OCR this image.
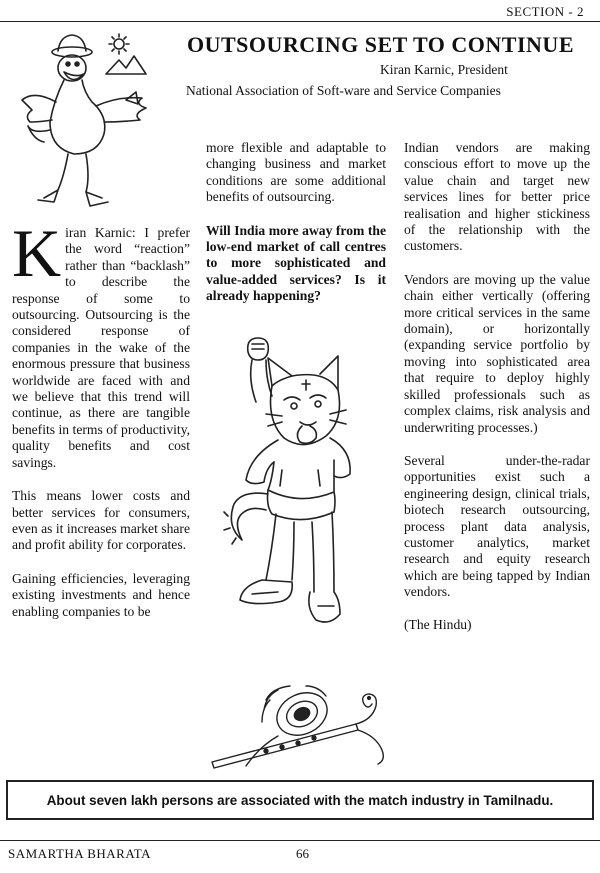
SECTION - 2
OUTSOURCING SET TO CONTINUE
Kiran Karnic, President
National Association of Soft-ware and Service Companies

Kiran Karnic: I prefer the word “reaction” rather than “backlash” to describe the response of some to outsourcing. Outsourcing is the considered response of companies in the wake of the enormous pressure that business worldwide are faced with and we believe that this trend will continue, as there are tangible benefits in terms of productivity, quality benefits and cost savings.

This means lower costs and better services for consumers, even as it increases market share and profit ability for corporates.

Gaining efficiencies, leveraging existing investments and hence enabling companies to be

more flexible and adaptable to changing business and market conditions are some additional benefits of outsourcing.

Will India more away from the low-end market of call centres to more sophisticated and value-added services? Is it already happening?

Indian vendors are making conscious effort to move up the value chain and target new services lines for better price realisation and higher stickiness of the relationship with the customers.

Vendors are moving up the value chain either vertically (offering more critical services in the same domain), or horizontally (expanding service portfolio by moving into sophisticated area that require to deploy highly skilled professionals such as complex claims, risk analysis and underwriting processes.)

Several under-the-radar opportunities exist such a engineering design, clinical trials, biotech research outsourcing, process plant data analysis, customer analytics, market research and equity research which are being tapped by Indian vendors.

(The Hindu)

About seven lakh persons are associated with the match industry in Tamilnadu.
SAMARTHA BHARATA	66
